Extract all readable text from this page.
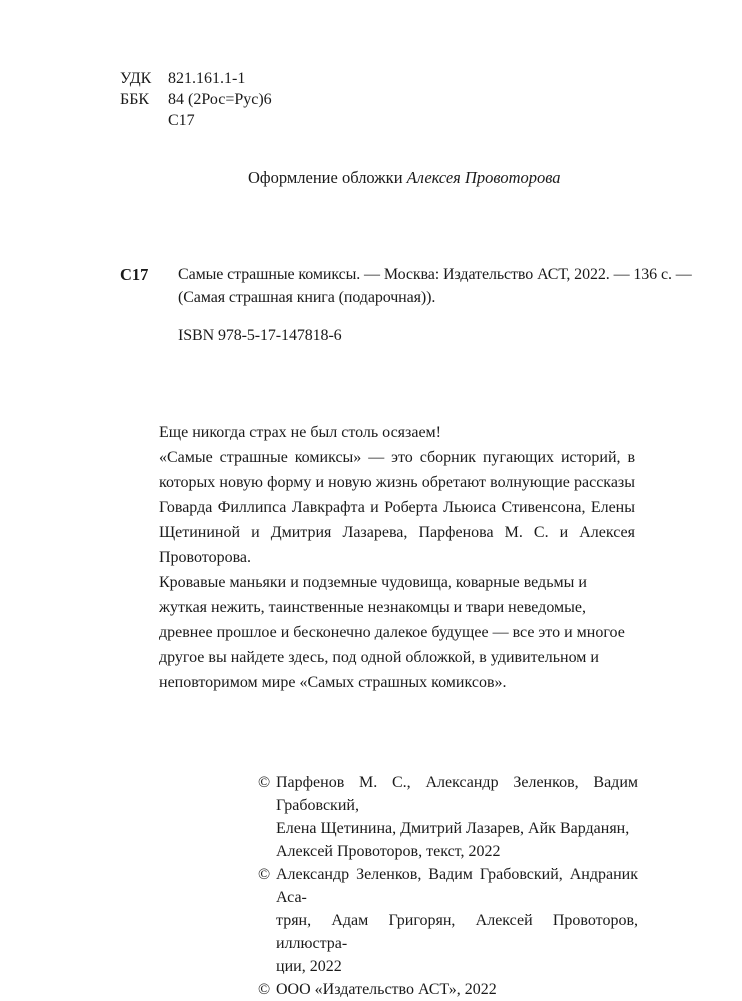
УДК	821.161.1-1
ББК	84 (2Рос=Рус)6
С17
Оформление обложки Алексея Провоторова
С17 Самые страшные комиксы. — Москва: Издательство АСТ, 2022. — 136 с. —
(Самая страшная книга (подарочная)).
ISBN 978-5-17-147818-6

Еще никогда страх не был столь осязаем!

«Самые страшные комиксы» — это сборник пугающих историй, в которых новую форму и новую жизнь обретают волнующие рассказы Говарда Филлипса Лавкрафта и Роберта Льюиса Стивенсона, Елены Щетининой и Дмитрия Лазарева, Парфенова М. С. и Алексея Провоторова.

Кровавые маньяки и подземные чудовища, коварные ведьмы и жуткая нежить, таинственные незнакомцы и твари неведомые, древнее прошлое и бесконечно далекое будущее — все это и многое другое вы найдете здесь, под одной обложкой, в удивительном и неповторимом мире «Самых страшных комиксов».

© Парфенов М. С., Александр Зеленков, Вадим Грабовский,
Елена Щетинина, Дмитрий Лазарев, Айк Варданян,
Алексей Провоторов, текст, 2022
© Александр Зеленков, Вадим Грабовский, Андраник Аса-
трян, Адам Григорян, Алексей Провоторов, иллюстра-
ции, 2022
© ООО «Издательство АСТ», 2022
